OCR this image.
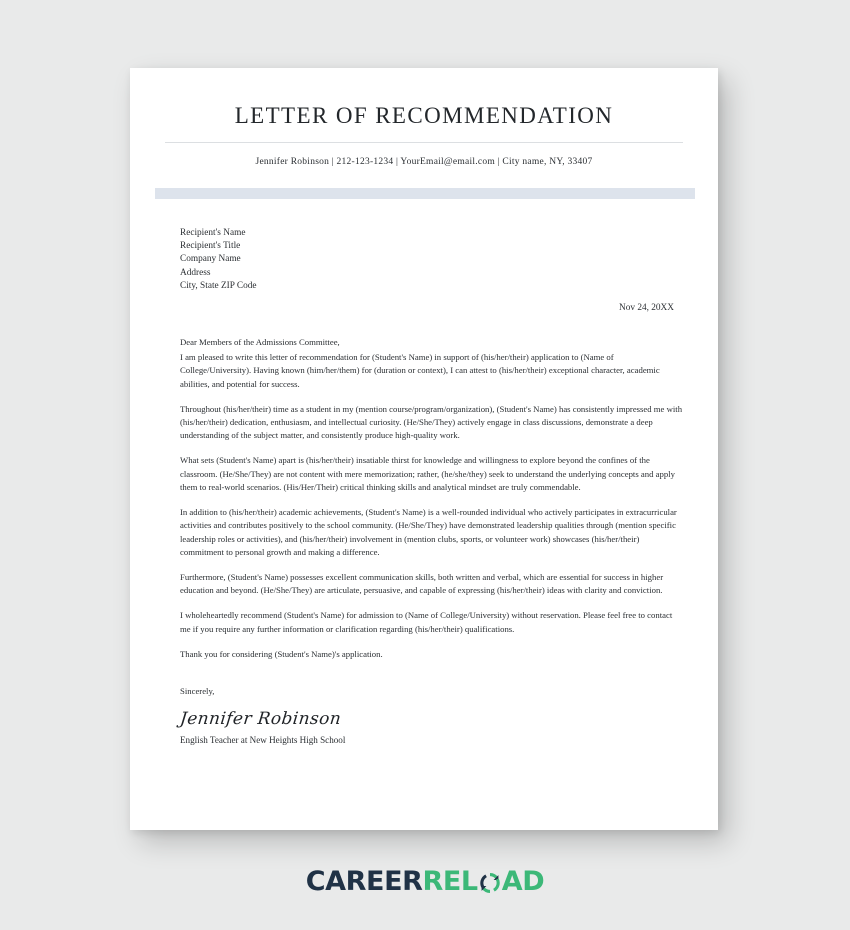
LETTER OF RECOMMENDATION
Jennifer Robinson | 212-123-1234 | YourEmail@email.com | City name, NY, 33407
Recipient's Name
Recipient's Title
Company Name
Address
City, State ZIP Code
Nov 24, 20XX
Dear Members of the Admissions Committee,

I am pleased to write this letter of recommendation for (Student's Name) in support of (his/her/their) application to (Name of College/University). Having known (him/her/them) for (duration or context), I can attest to (his/her/their) exceptional character, academic abilities, and potential for success.

Throughout (his/her/their) time as a student in my (mention course/program/organization), (Student's Name) has consistently impressed me with (his/her/their) dedication, enthusiasm, and intellectual curiosity. (He/She/They) actively engage in class discussions, demonstrate a deep understanding of the subject matter, and consistently produce high-quality work.

What sets (Student's Name) apart is (his/her/their) insatiable thirst for knowledge and willingness to explore beyond the confines of the classroom. (He/She/They) are not content with mere memorization; rather, (he/she/they) seek to understand the underlying concepts and apply them to real-world scenarios. (His/Her/Their) critical thinking skills and analytical mindset are truly commendable.

In addition to (his/her/their) academic achievements, (Student's Name) is a well-rounded individual who actively participates in extracurricular activities and contributes positively to the school community. (He/She/They) have demonstrated leadership qualities through (mention specific leadership roles or activities), and (his/her/their) involvement in (mention clubs, sports, or volunteer work) showcases (his/her/their) commitment to personal growth and making a difference.

Furthermore, (Student's Name) possesses excellent communication skills, both written and verbal, which are essential for success in higher education and beyond. (He/She/They) are articulate, persuasive, and capable of expressing (his/her/their) ideas with clarity and conviction.

I wholeheartedly recommend (Student's Name) for admission to (Name of College/University) without reservation. Please feel free to contact me if you require any further information or clarification regarding (his/her/their) qualifications.

Thank you for considering (Student's Name)'s application.

Sincerely,
Jennifer Robinson
English Teacher at New Heights High School
CAREER REL AD
